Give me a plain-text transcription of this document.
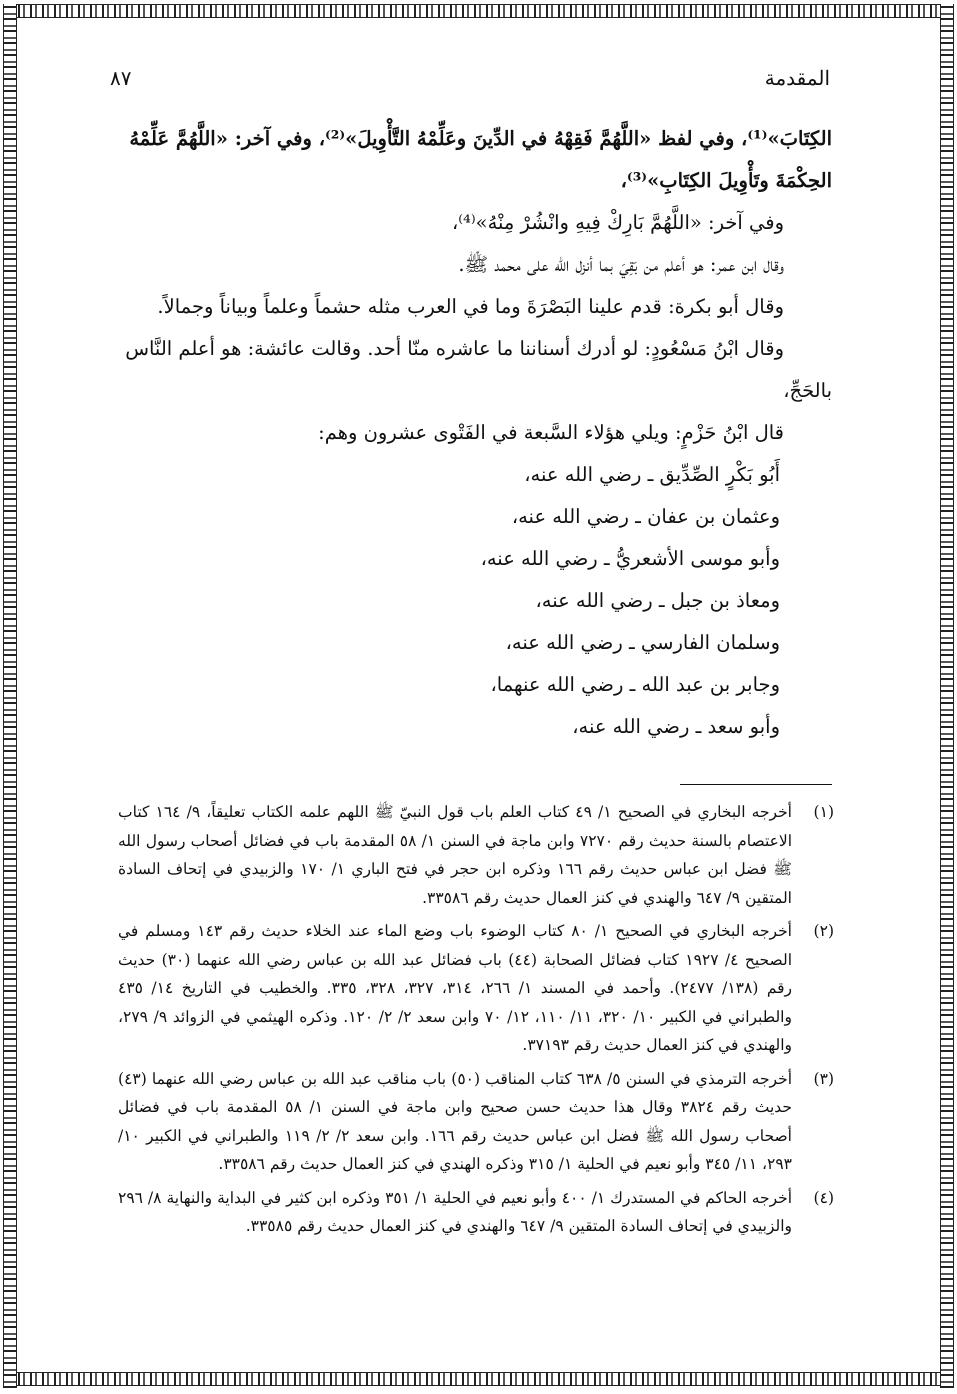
المقدمة
٨٧

الكِتَابَ»⁽¹⁾، وفي لفظ «اللَّهُمَّ فَقِهْهُ في الدِّينَ وعَلِّمْهُ التَّأْوِيلَ»⁽²⁾، وفي آخر: «اللَّهُمَّ عَلِّمْهُ

الحِكْمَةَ وتَأْوِيلَ الكِتَابِ»⁽³⁾،

وفي آخر: «اللَّهُمَّ بَارِكْ فِيهِ وانْشُرْ مِنْهُ»⁽⁴⁾،

وقال ابن عمر: هو أعلم من بَقِيَ بما أنزل الله على محمد ﷺ.

وقال أبو بكرة: قدم علينا البَصْرَةَ وما في العرب مثله حشماً وعلماً وبياناً وجمالاً.

وقال ابْنُ مَسْعُودٍ: لو أدرك أسناننا ما عاشره منّا أحد. وقالت عائشة: هو أعلم النَّاس

بالحَجِّ،

قال ابْنُ حَزْمٍ: ويلي هؤلاء السَّبعة في الفَتْوى عشرون وهم:

أَبُو بَكْرٍ الصِّدِّيق ـ رضي الله عنه،

وعثمان بن عفان ـ رضي الله عنه،

وأبو موسى الأشعريُّ ـ رضي الله عنه،

ومعاذ بن جبل ـ رضي الله عنه،

وسلمان الفارسي ـ رضي الله عنه،

وجابر بن عبد الله ـ رضي الله عنهما،

وأبو سعد ـ رضي الله عنه،

(١)
أخرجه البخاري في الصحيح ١/ ٤٩ كتاب العلم باب قول النبيّ ﷺ اللهم علمه الكتاب تعليقاً، ٩/ ١٦٤ كتاب الاعتصام بالسنة حديث رقم ٧٢٧٠ وابن ماجة في السنن ١/ ٥٨ المقدمة باب في فضائل أصحاب رسول الله ﷺ فضل ابن عباس حديث رقم ١٦٦ وذكره ابن حجر في فتح الباري ١/ ١٧٠ والزبيدي في إتحاف السادة المتقين ٩/ ٦٤٧ والهندي في كنز العمال حديث رقم ٣٣٥٨٦.
(٢)
أخرجه البخاري في الصحيح ١/ ٨٠ كتاب الوضوء باب وضع الماء عند الخلاء حديث رقم ١٤٣ ومسلم في الصحيح ٤/ ١٩٢٧ كتاب فضائل الصحابة (٤٤) باب فضائل عبد الله بن عباس رضي الله عنهما (٣٠) حديث رقم (١٣٨/ ٢٤٧٧). وأحمد في المسند ١/ ٢٦٦، ٣١٤، ٣٢٧، ٣٢٨، ٣٣٥. والخطيب في التاريخ ١٤/ ٤٣٥ والطبراني في الكبير ١٠/ ٣٢٠، ١١/ ١١٠، ١٢/ ٧٠ وابن سعد ٢/ ٢/ ١٢٠. وذكره الهيثمي في الزوائد ٩/ ٢٧٩، والهندي في كنز العمال حديث رقم ٣٧١٩٣.
(٣)
أخرجه الترمذي في السنن ٥/ ٦٣٨ كتاب المناقب (٥٠) باب مناقب عبد الله بن عباس رضي الله عنهما (٤٣) حديث رقم ٣٨٢٤ وقال هذا حديث حسن صحيح وابن ماجة في السنن ١/ ٥٨ المقدمة باب في فضائل أصحاب رسول الله ﷺ فضل ابن عباس حديث رقم ١٦٦. وابن سعد ٢/ ٢/ ١١٩ والطبراني في الكبير ١٠/ ٢٩٣، ١١/ ٣٤٥ وأبو نعيم في الحلية ١/ ٣١٥ وذكره الهندي في كنز العمال حديث رقم ٣٣٥٨٦.
(٤)
أخرجه الحاكم في المستدرك ١/ ٤٠٠ وأبو نعيم في الحلية ١/ ٣٥١ وذكره ابن كثير في البداية والنهاية ٨/ ٢٩٦ والزبيدي في إتحاف السادة المتقين ٩/ ٦٤٧ والهندي في كنز العمال حديث رقم ٣٣٥٨٥.
